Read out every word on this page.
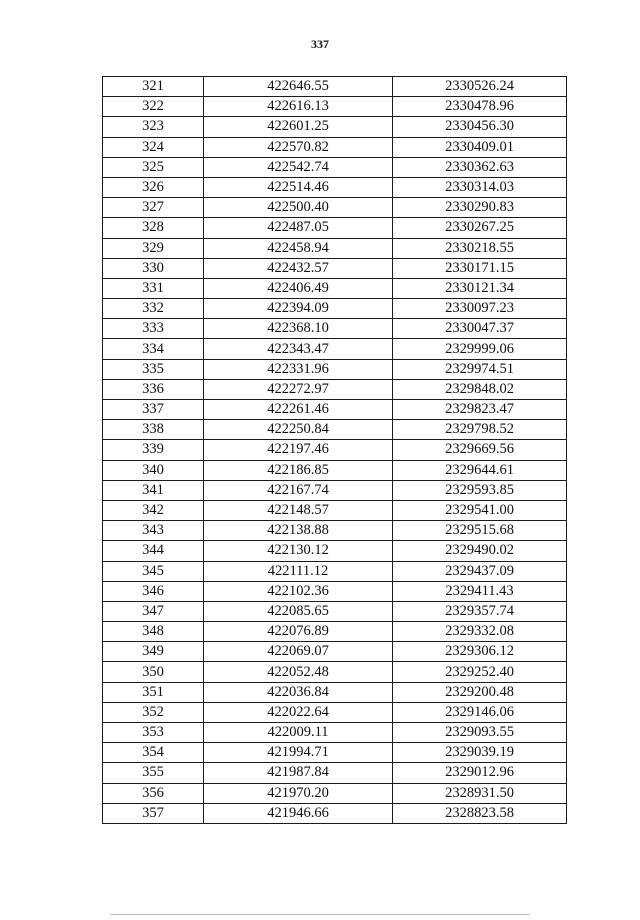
337
321	422646.55	2330526.24
322	422616.13	2330478.96
323	422601.25	2330456.30
324	422570.82	2330409.01
325	422542.74	2330362.63
326	422514.46	2330314.03
327	422500.40	2330290.83
328	422487.05	2330267.25
329	422458.94	2330218.55
330	422432.57	2330171.15
331	422406.49	2330121.34
332	422394.09	2330097.23
333	422368.10	2330047.37
334	422343.47	2329999.06
335	422331.96	2329974.51
336	422272.97	2329848.02
337	422261.46	2329823.47
338	422250.84	2329798.52
339	422197.46	2329669.56
340	422186.85	2329644.61
341	422167.74	2329593.85
342	422148.57	2329541.00
343	422138.88	2329515.68
344	422130.12	2329490.02
345	422111.12	2329437.09
346	422102.36	2329411.43
347	422085.65	2329357.74
348	422076.89	2329332.08
349	422069.07	2329306.12
350	422052.48	2329252.40
351	422036.84	2329200.48
352	422022.64	2329146.06
353	422009.11	2329093.55
354	421994.71	2329039.19
355	421987.84	2329012.96
356	421970.20	2328931.50
357	421946.66	2328823.58
